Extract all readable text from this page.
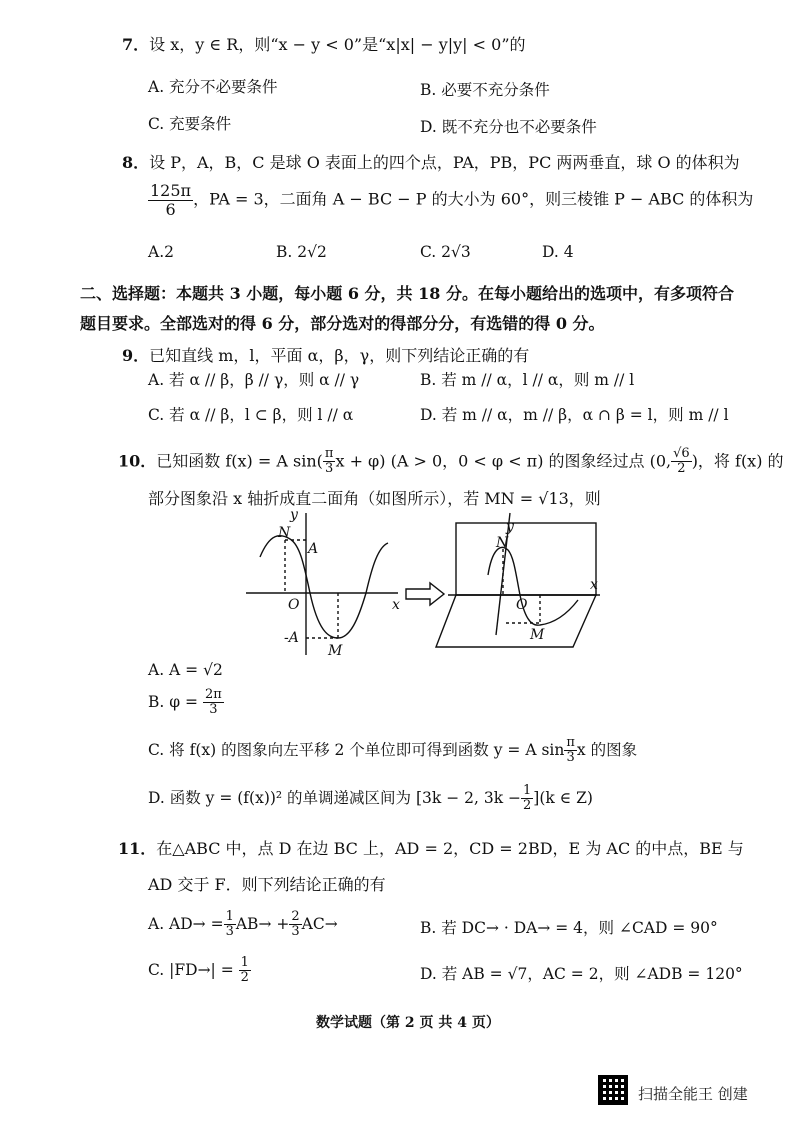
7．设 x，y ∈ R，则“x − y < 0”是“x|x| − y|y| < 0”的
A. 充分不必要条件	B. 必要不充分条件
C. 充要条件	D. 既不充分也不必要条件
8．设 P，A，B，C 是球 O 表面上的四个点，PA，PB，PC 两两垂直，球 O 的体积为
$\frac{125\pi}{6}$ ，PA = 3，二面角 A − BC − P 的大小为 60°，则三棱锥 P − ABC 的体积为
A.2	B. 2√2	C. 2√3	D. 4
二、选择题：本题共 3 小题，每小题 6 分，共 18 分。在每小题给出的选项中，有多项符合
题目要求。全部选对的得 6 分，部分选对的得部分分，有选错的得 0 分。
9．已知直线 m，l，平面 α，β，γ，则下列结论正确的有
A. 若 α // β，β // γ，则 α // γ	B. 若 m // α，l // α，则 m // l
C. 若 α // β，l ⊂ β，则 l // α	D. 若 m // α，m // β，α ∩ β = l，则 m // l
10．已知函数 f(x) = A $\sin( \frac{\pi}{3}$ x + φ) (A > 0，0 < φ < π) 的图象经过点 (0, $\frac{√6}{2}$ )，将 f(x) 的
部分图象沿 x 轴折成直二面角（如图所示），若 MN = √13，则
y
x
N
A
-A
O
M
y
x
N
O
M
A. A = √2
B. $\varphi = \frac{2\pi}{3}$
C. 将 f(x) 的图象向左平移 2 个单位即可得到函数 y = A $\sin \frac{\pi}{3}$ x 的图象
D. 函数 y = (f(x))² 的单调递减区间为 [3k − 2, $3k - \frac{1}{2} ](k$ ∈ Z)
11．在△ABC 中，点 D 在边 BC 上，AD = 2，CD = 2BD，E 为 AC 的中点，BE 与
AD 交于 F．则下列结论正确的有
A. $AD\to = \frac{1}{3} AB\to + \frac{2}{3} AC\to$	B. 若 DC→ · DA→ = 4，则 ∠CAD = 90°
C. $|FD\to| = \frac{1}{2}$	D. 若 AB = √7，AC = 2，则 ∠ADB = 120°
数学试题（第 2 页 共 4 页）
扫描全能王 创建
